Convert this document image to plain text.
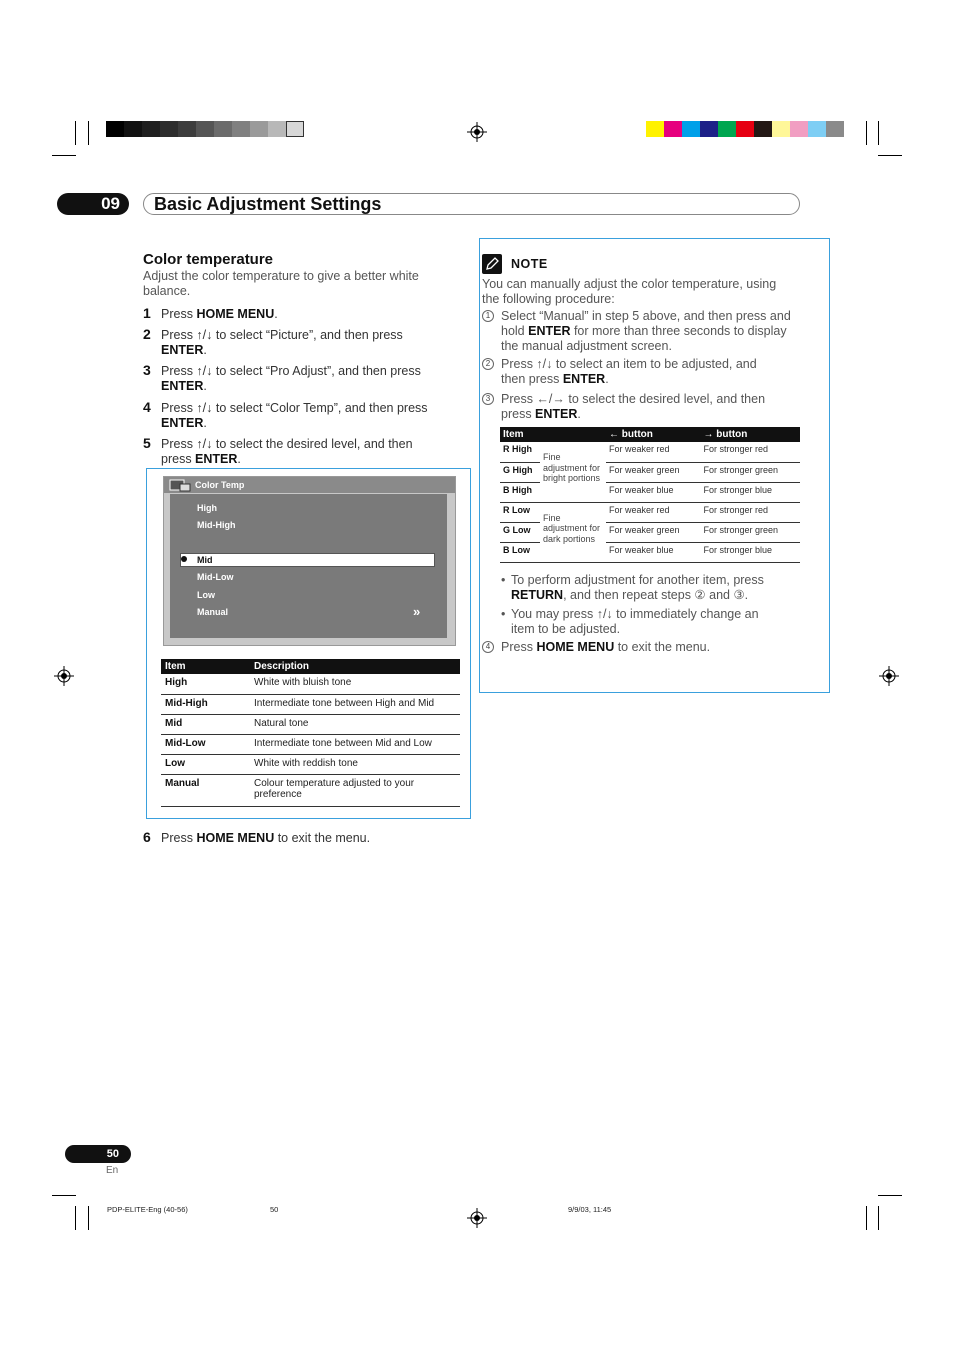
09	Basic Adjustment Settings
Color temperature
Adjust the color temperature to give a better white
balance.
1 Press HOME MENU.
2 Press ↑/↓ to select “Picture”, and then press
ENTER.
3 Press ↑/↓ to select “Pro Adjust”, and then press
ENTER.
4 Press ↑/↓ to select “Color Temp”, and then press
ENTER.
5 Press ↑/↓ to select the desired level, and then
press ENTER.
Color Temp
High
Mid-High
Mid
Mid-Low
Low
Manual	»
Item	Description
High	White with bluish tone
Mid-High	Intermediate tone between High and Mid
Mid	Natural tone
Mid-Low	Intermediate tone between Mid and Low
Low	White with reddish tone
Manual	Colour temperature adjusted to your preference
6 Press HOME MENU to exit the menu.
NOTE
You can manually adjust the color temperature, using
the following procedure:
1 Select “Manual” in step 5 above, and then press and
hold ENTER for more than three seconds to display
the manual adjustment screen.
2 Press ↑/↓ to select an item to be adjusted, and
then press ENTER.
3 Press ←/→ to select the desired level, and then
press ENTER.
Item		← button	→ button
R High	Fine adjustment for bright portions	For weaker red	For stronger red
G High		For weaker green	For stronger green
B High		For weaker blue	For stronger blue
R Low	Fine adjustment for dark portions	For weaker red	For stronger red
G Low		For weaker green	For stronger green
B Low		For weaker blue	For stronger blue
• To perform adjustment for another item, press
RETURN, and then repeat steps ② and ③.
• You may press ↑/↓ to immediately change an
item to be adjusted.
4 Press HOME MENU to exit the menu.
50
En
PDP-ELITE-Eng (40-56)	50	9/9/03, 11:45
